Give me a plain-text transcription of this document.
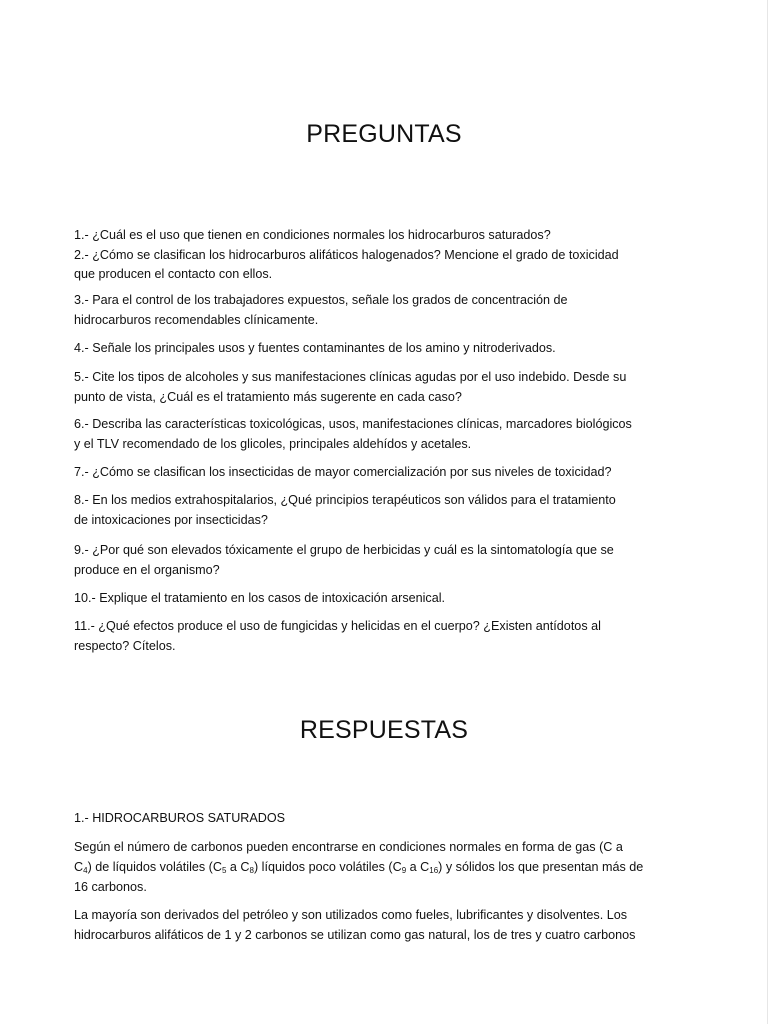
PREGUNTAS

1.- ¿Cuál es el uso que tienen en condiciones normales los hidrocarburos saturados?
2.- ¿Cómo se clasifican los hidrocarburos alifáticos halogenados? Mencione el grado de toxicidad
que producen el contacto con ellos.

3.- Para el control de los trabajadores expuestos, señale los grados de concentración de
hidrocarburos recomendables clínicamente.

4.- Señale los principales usos y fuentes contaminantes de los amino y nitroderivados.

5.- Cite los tipos de alcoholes y sus manifestaciones clínicas agudas por el uso indebido. Desde su
punto de vista, ¿Cuál es el tratamiento más sugerente en cada caso?

6.- Describa las características toxicológicas, usos, manifestaciones clínicas, marcadores biológicos
y el TLV recomendado de los glicoles, principales aldehídos y acetales.

7.- ¿Cómo se clasifican los insecticidas de mayor comercialización por sus niveles de toxicidad?

8.- En los medios extrahospitalarios, ¿Qué principios terapéuticos son válidos para el tratamiento
de intoxicaciones por insecticidas?

9.- ¿Por qué son elevados tóxicamente el grupo de herbicidas y cuál es la sintomatología que se
produce en el organismo?

10.- Explique el tratamiento en los casos de intoxicación arsenical.

11.- ¿Qué efectos produce el uso de fungicidas y helicidas en el cuerpo? ¿Existen antídotos al
respecto? Cítelos.

RESPUESTAS

1.- HIDROCARBUROS SATURADOS

Según el número de carbonos pueden encontrarse en condiciones normales en forma de gas (C a
$C_4$) de líquidos volátiles ($C_5$ a $C_8$) líquidos poco volátiles ($C_9$ a $C_{16}$) y sólidos los que presentan más de
16 carbonos.

La mayoría son derivados del petróleo y son utilizados como fueles, lubrificantes y disolventes. Los
hidrocarburos alifáticos de 1 y 2 carbonos se utilizan como gas natural, los de tres y cuatro carbonos
